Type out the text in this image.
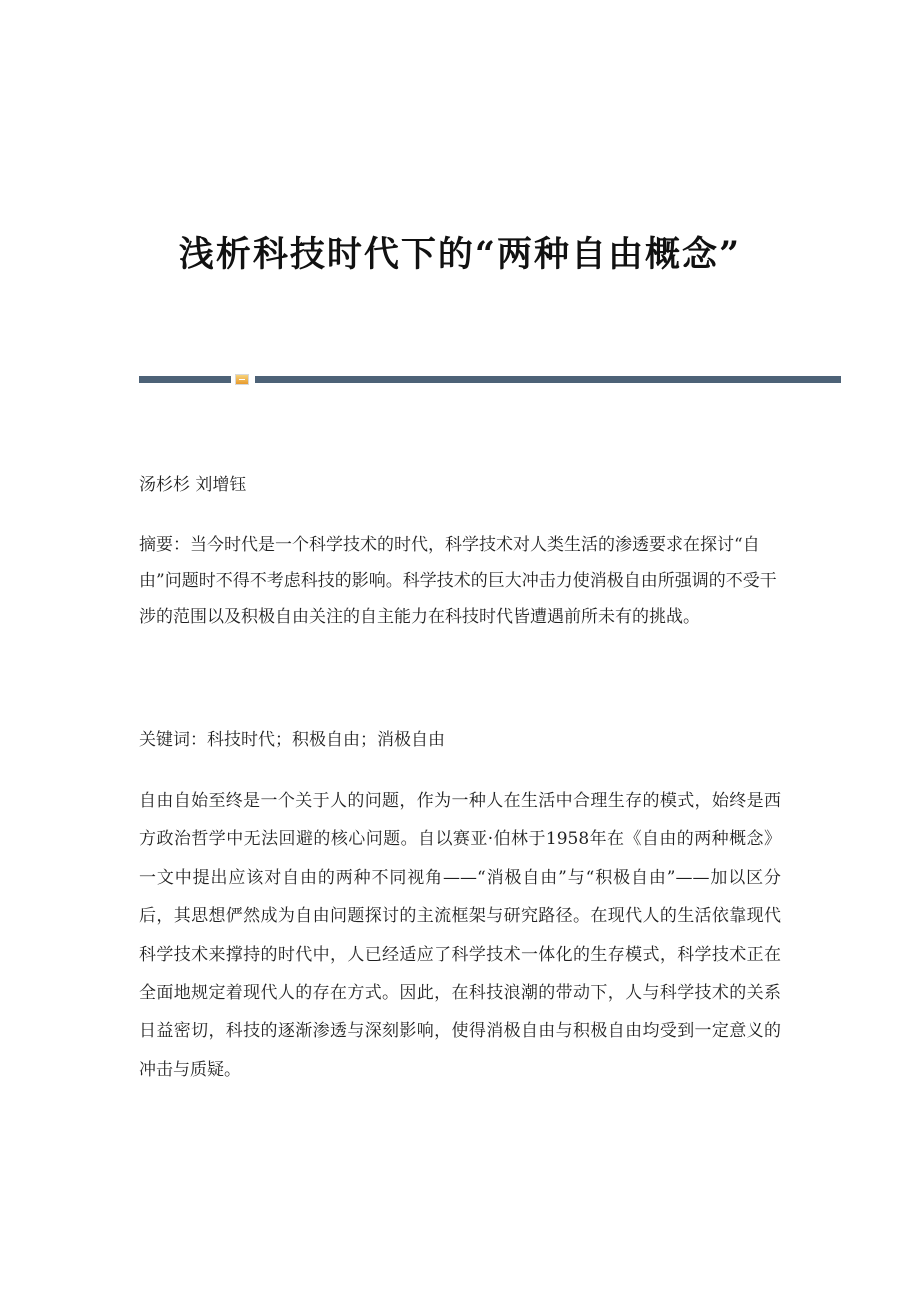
浅析科技时代下的“两种自由概念”
汤杉杉 刘增钰
摘要：当今时代是一个科学技术的时代，科学技术对人类生活的渗透要求在探讨“自由”问题时不得不考虑科技的影响。科学技术的巨大冲击力使消极自由所强调的不受干涉的范围以及积极自由关注的自主能力在科技时代皆遭遇前所未有的挑战。
关键词：科技时代；积极自由；消极自由
自由自始至终是一个关于人的问题，作为一种人在生活中合理生存的模式，始终是西方政治哲学中无法回避的核心问题。自以赛亚·伯林于1958年在《自由的两种概念》一文中提出应该对自由的两种不同视角——“消极自由”与“积极自由”——加以区分后，其思想俨然成为自由问题探讨的主流框架与研究路径。在现代人的生活依靠现代科学技术来撑持的时代中，人已经适应了科学技术一体化的生存模式，科学技术正在全面地规定着现代人的存在方式。因此，在科技浪潮的带动下，人与科学技术的关系日益密切，科技的逐渐渗透与深刻影响，使得消极自由与积极自由均受到一定意义的冲击与质疑。
